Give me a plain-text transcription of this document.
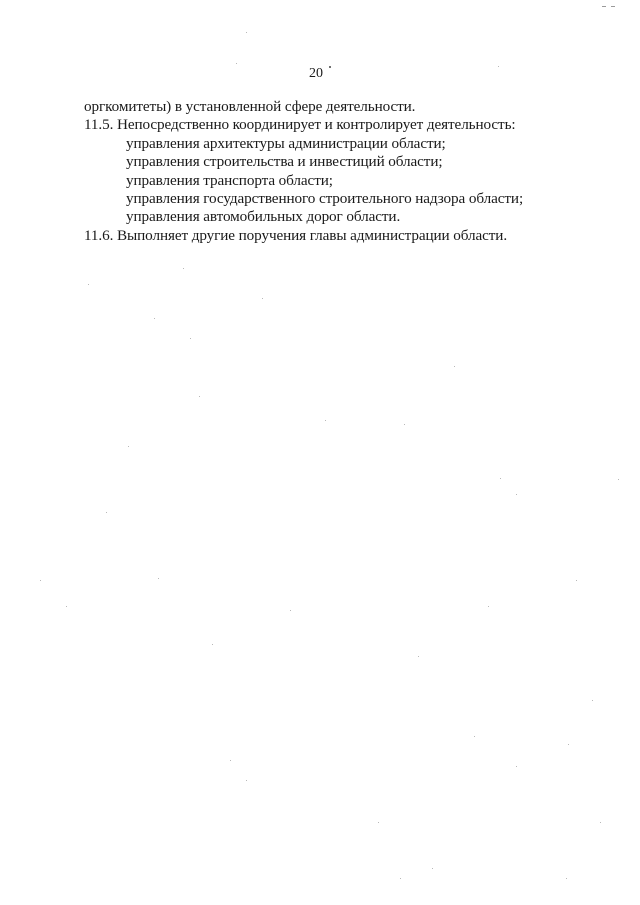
20
оргкомитеты) в установленной сфере деятельности.
11.5. Непосредственно координирует и контролирует деятельность:
управления архитектуры администрации области;
управления строительства и инвестиций области;
управления транспорта области;
управления государственного строительного надзора области;
управления автомобильных дорог области.
11.6. Выполняет другие поручения главы администрации области.
